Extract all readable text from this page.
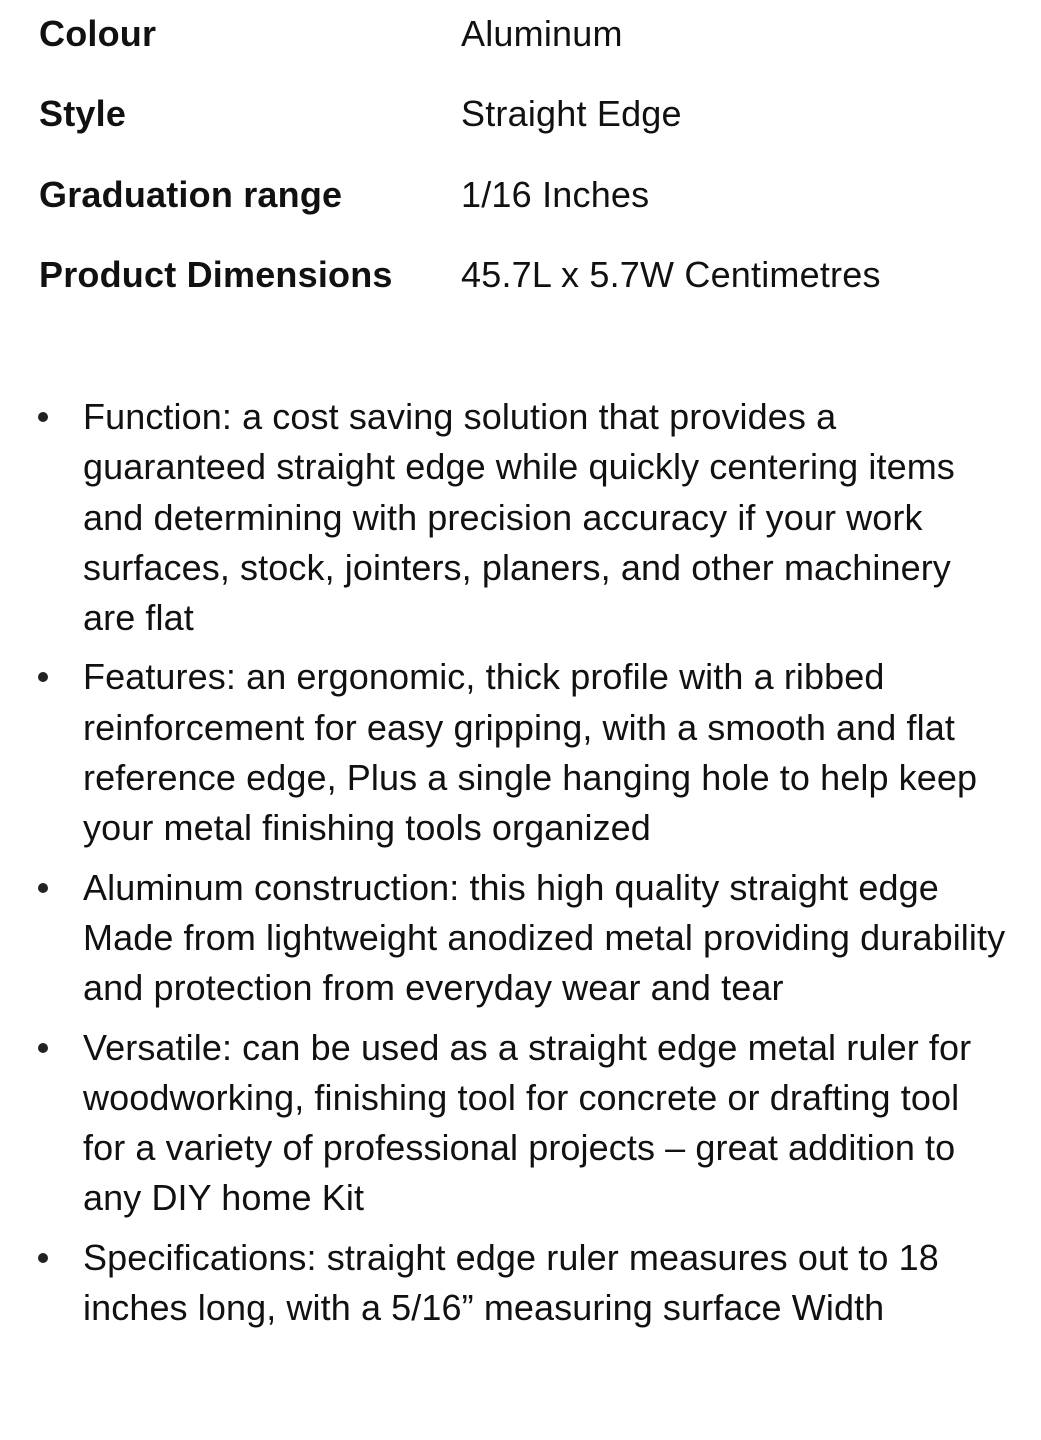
Colour	Aluminum
Style	Straight Edge
Graduation range	1/16 Inches
Product Dimensions	45.7L x 5.7W Centimetres
Function: a cost saving solution that provides a guaranteed straight edge while quickly centering items and determining with precision accuracy if your work surfaces, stock, jointers, planers, and other machinery are flat
Features: an ergonomic, thick profile with a ribbed reinforcement for easy gripping, with a smooth and flat reference edge, Plus a single hanging hole to help keep your metal finishing tools organized
Aluminum construction: this high quality straight edge Made from lightweight anodized metal providing durability and protection from everyday wear and tear
Versatile: can be used as a straight edge metal ruler for woodworking, finishing tool for concrete or drafting tool for a variety of professional projects – great addition to any DIY home Kit
Specifications: straight edge ruler measures out to 18 inches long, with a 5/16” measuring surface Width
